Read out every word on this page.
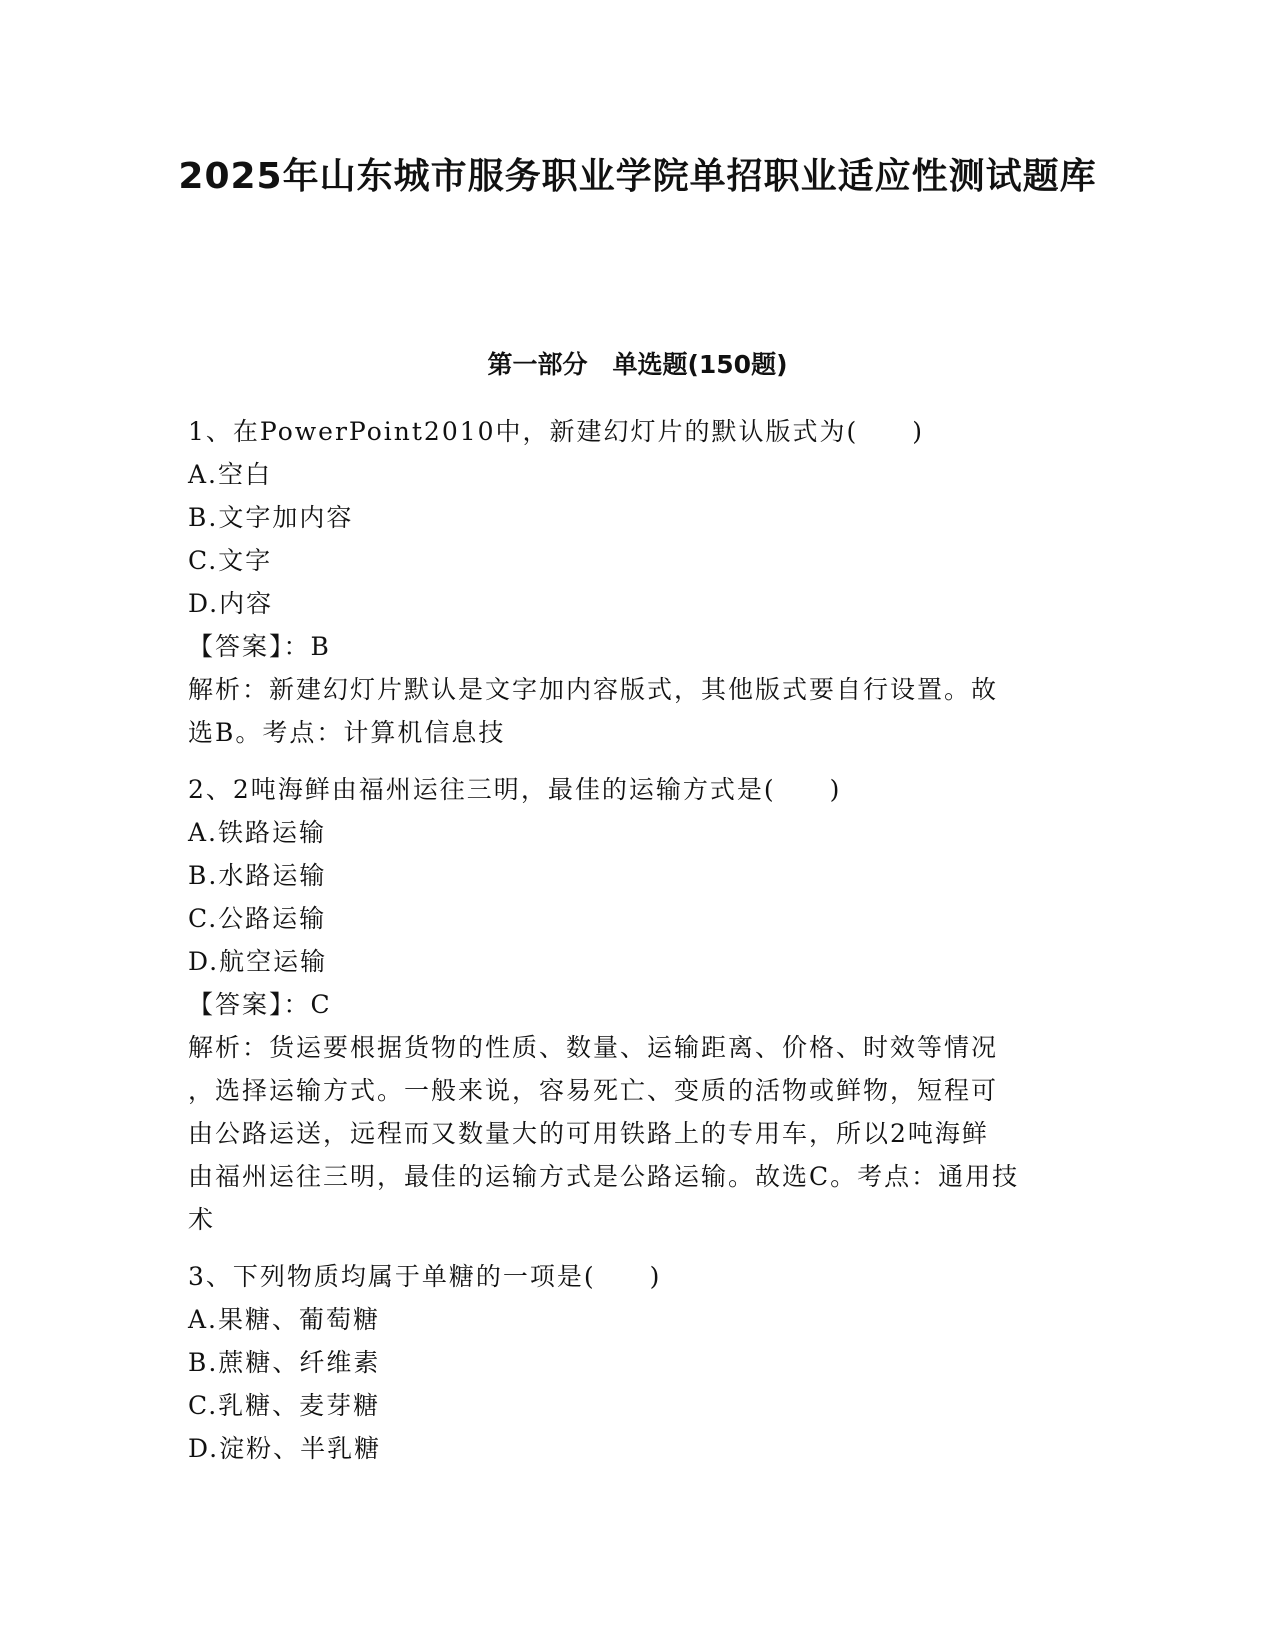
2025年山东城市服务职业学院单招职业适应性测试题库
第一部分　单选题(150题)
1、在PowerPoint2010中，新建幻灯片的默认版式为(　　)
A.空白
B.文字加内容
C.文字
D.内容
【答案】：B
解析：新建幻灯片默认是文字加内容版式，其他版式要自行设置。故
选B。考点：计算机信息技
2、2吨海鲜由福州运往三明，最佳的运输方式是(　　)
A.铁路运输
B.水路运输
C.公路运输
D.航空运输
【答案】：C
解析：货运要根据货物的性质、数量、运输距离、价格、时效等情况
，选择运输方式。一般来说，容易死亡、变质的活物或鲜物，短程可
由公路运送，远程而又数量大的可用铁路上的专用车，所以2吨海鲜
由福州运往三明，最佳的运输方式是公路运输。故选C。考点：通用技
术
3、下列物质均属于单糖的一项是(　　)
A.果糖、葡萄糖
B.蔗糖、纤维素
C.乳糖、麦芽糖
D.淀粉、半乳糖
